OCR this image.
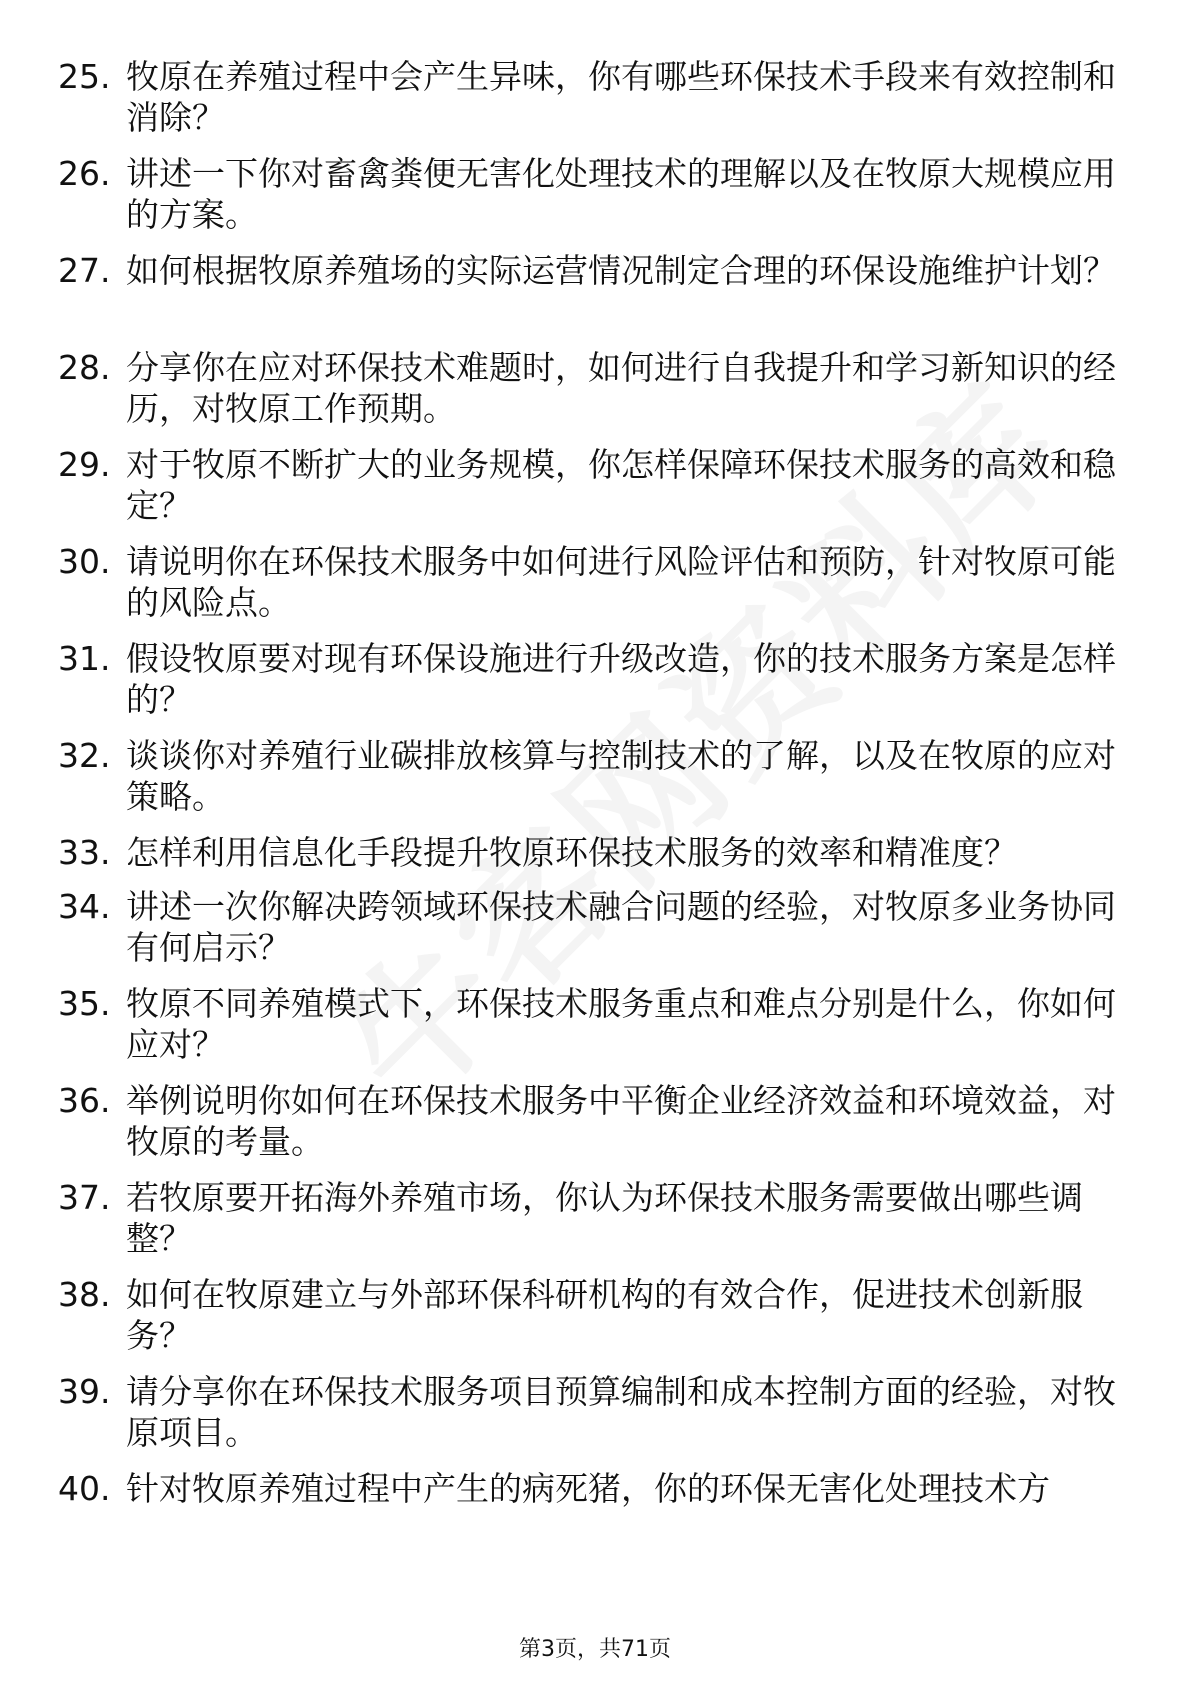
25. 牧原在养殖过程中会产生异味，你有哪些环保技术手段来有效控制和消除？
26. 讲述一下你对畜禽粪便无害化处理技术的理解以及在牧原大规模应用的方案。
27. 如何根据牧原养殖场的实际运营情况制定合理的环保设施维护计划？
28. 分享你在应对环保技术难题时，如何进行自我提升和学习新知识的经历，对牧原工作预期。
29. 对于牧原不断扩大的业务规模，你怎样保障环保技术服务的高效和稳定？
30. 请说明你在环保技术服务中如何进行风险评估和预防，针对牧原可能的风险点。
31. 假设牧原要对现有环保设施进行升级改造，你的技术服务方案是怎样的？
32. 谈谈你对养殖行业碳排放核算与控制技术的了解，以及在牧原的应对策略。
33. 怎样利用信息化手段提升牧原环保技术服务的效率和精准度？
34. 讲述一次你解决跨领域环保技术融合问题的经验，对牧原多业务协同有何启示？
35. 牧原不同养殖模式下，环保技术服务重点和难点分别是什么，你如何应对？
36. 举例说明你如何在环保技术服务中平衡企业经济效益和环境效益，对牧原的考量。
37. 若牧原要开拓海外养殖市场，你认为环保技术服务需要做出哪些调整？
38. 如何在牧原建立与外部环保科研机构的有效合作，促进技术创新服务？
39. 请分享你在环保技术服务项目预算编制和成本控制方面的经验，对牧原项目。
40. 针对牧原养殖过程中产生的病死猪，你的环保无害化处理技术方
第3页，共71页
